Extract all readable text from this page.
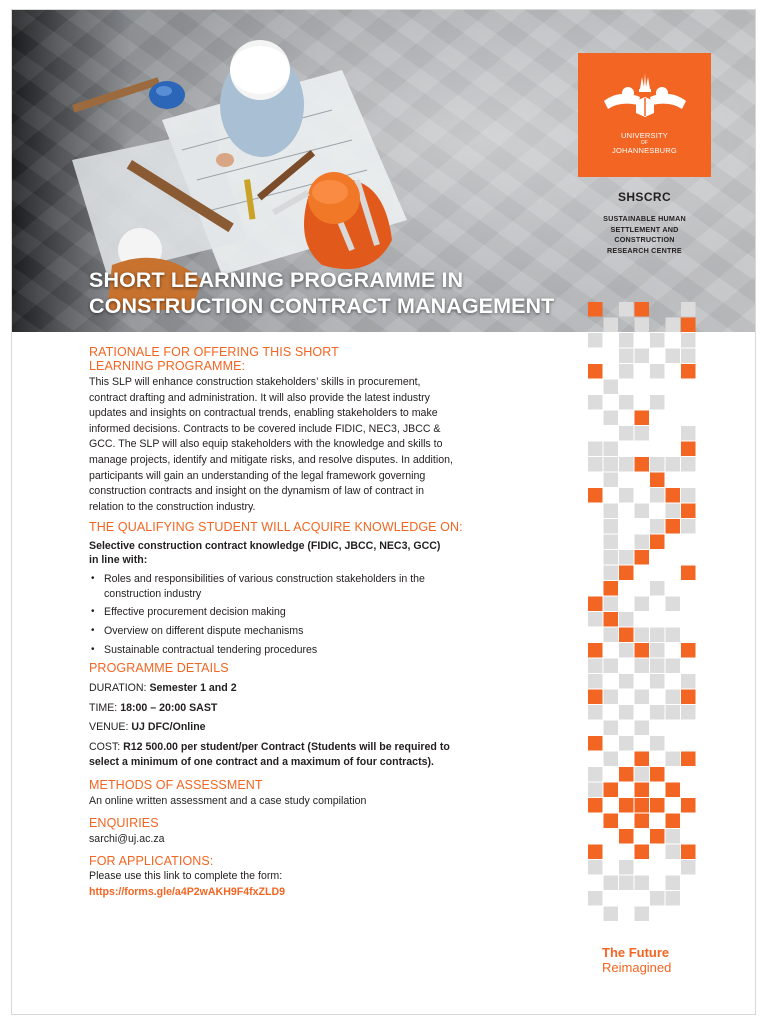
SHORT LEARNING PROGRAMME IN
CONSTRUCTION CONTRACT MANAGEMENT
UNIVERSITY
OF
JOHANNESBURG
SHSCRC
SUSTAINABLE HUMAN
SETTLEMENT AND
CONSTRUCTION
RESEARCH CENTRE
RATIONALE FOR OFFERING THIS SHORT
LEARNING PROGRAMME:
This SLP will enhance construction stakeholders’ skills in procurement,
contract drafting and administration. It will also provide the latest industry
updates and insights on contractual trends, enabling stakeholders to make
informed decisions. Contracts to be covered include FIDIC, NEC3, JBCC &
GCC. The SLP will also equip stakeholders with the knowledge and skills to
manage projects, identify and mitigate risks, and resolve disputes. In addition,
participants will gain an understanding of the legal framework governing
construction contracts and insight on the dynamism of law of contract in
relation to the construction industry.
THE QUALIFYING STUDENT WILL ACQUIRE KNOWLEDGE ON:
Selective construction contract knowledge (FIDIC, JBCC, NEC3, GCC)
in line with:
• Roles and responsibilities of various construction stakeholders in the
construction industry
• Effective procurement decision making
• Overview on different dispute mechanisms
• Sustainable contractual tendering procedures
PROGRAMME DETAILS
DURATION: Semester 1 and 2
TIME: 18:00 – 20:00 SAST
VENUE: UJ DFC/Online
COST: R12 500.00 per student/per Contract (Students will be required to
select a minimum of one contract and a maximum of four contracts).
METHODS OF ASSESSMENT
An online written assessment and a case study compilation
ENQUIRIES
sarchi@uj.ac.za
FOR APPLICATIONS:
Please use this link to complete the form:
https://forms.gle/a4P2wAKH9F4fxZLD9
The Future
Reimagined
